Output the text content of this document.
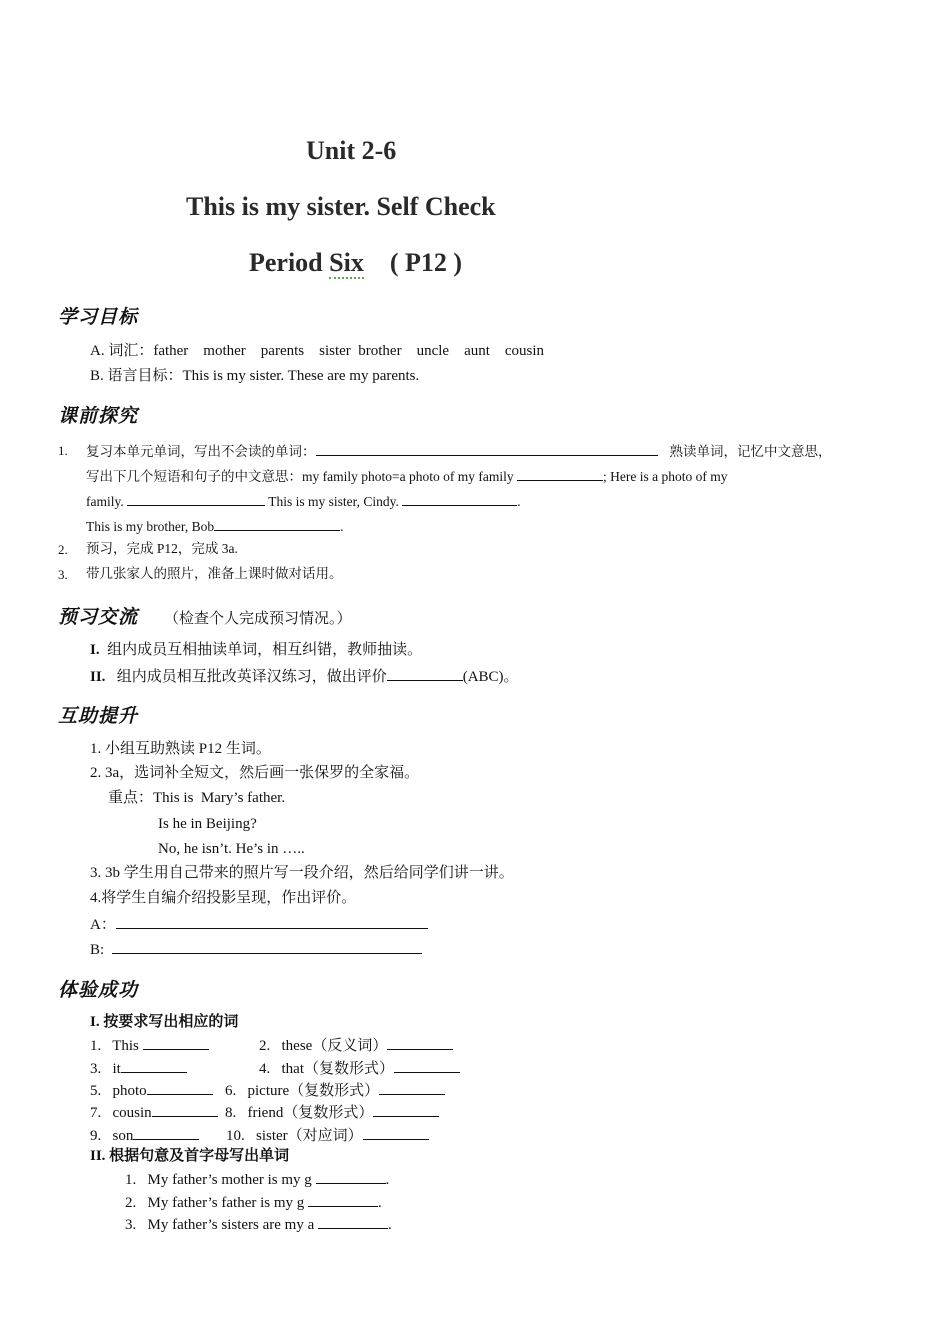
Unit 2-6
This is my sister. Self Check
Period Six    ( P12 )
学习目标
A. 词汇：father    mother    parents    sister  brother    uncle    aunt    cousin
B. 语言目标：This is my sister. These are my parents.
课前探究
1. 复习本单元单词，写出不会读的单词：	熟读单词，记忆中文意思，
写出下几个短语和句子的中文意思：my family photo=a photo of my family	; Here is a photo of my
family.	This is my sister, Cindy.	.
This is my brother, Bob	.
2. 预习，完成 P12，完成 3a.
3. 带几张家人的照片，准备上课时做对话用。
预习交流 （检查个人完成预习情况。）
I. 组内成员互相抽读单词，相互纠错，教师抽读。
II. 组内成员相互批改英译汉练习，做出评价	(ABC)。
互助提升
1. 小组互助熟读 P12 生词。
2. 3a，选词补全短文，然后画一张保罗的全家福。
重点：This is  Mary’s father.
Is he in Beijing?
No, he isn’t. He’s in …..
3. 3b 学生用自己带来的照片写一段介绍，然后给同学们讲一讲。
4.将学生自编介绍投影呈现，作出评价。
A：
B:
体验成功
I. 按要求写出相应的词
1.   This	2.   these（反义词）
3.   it	4.   that（复数形式）
5.   photo	6.   picture（复数形式）
7.   cousin	8.   friend（复数形式）
9.   son	10.   sister（对应词）
II. 根据句意及首字母写出单词
1.   My father’s mother is my g	.
2.   My father’s father is my g	.
3.   My father’s sisters are my a	.
